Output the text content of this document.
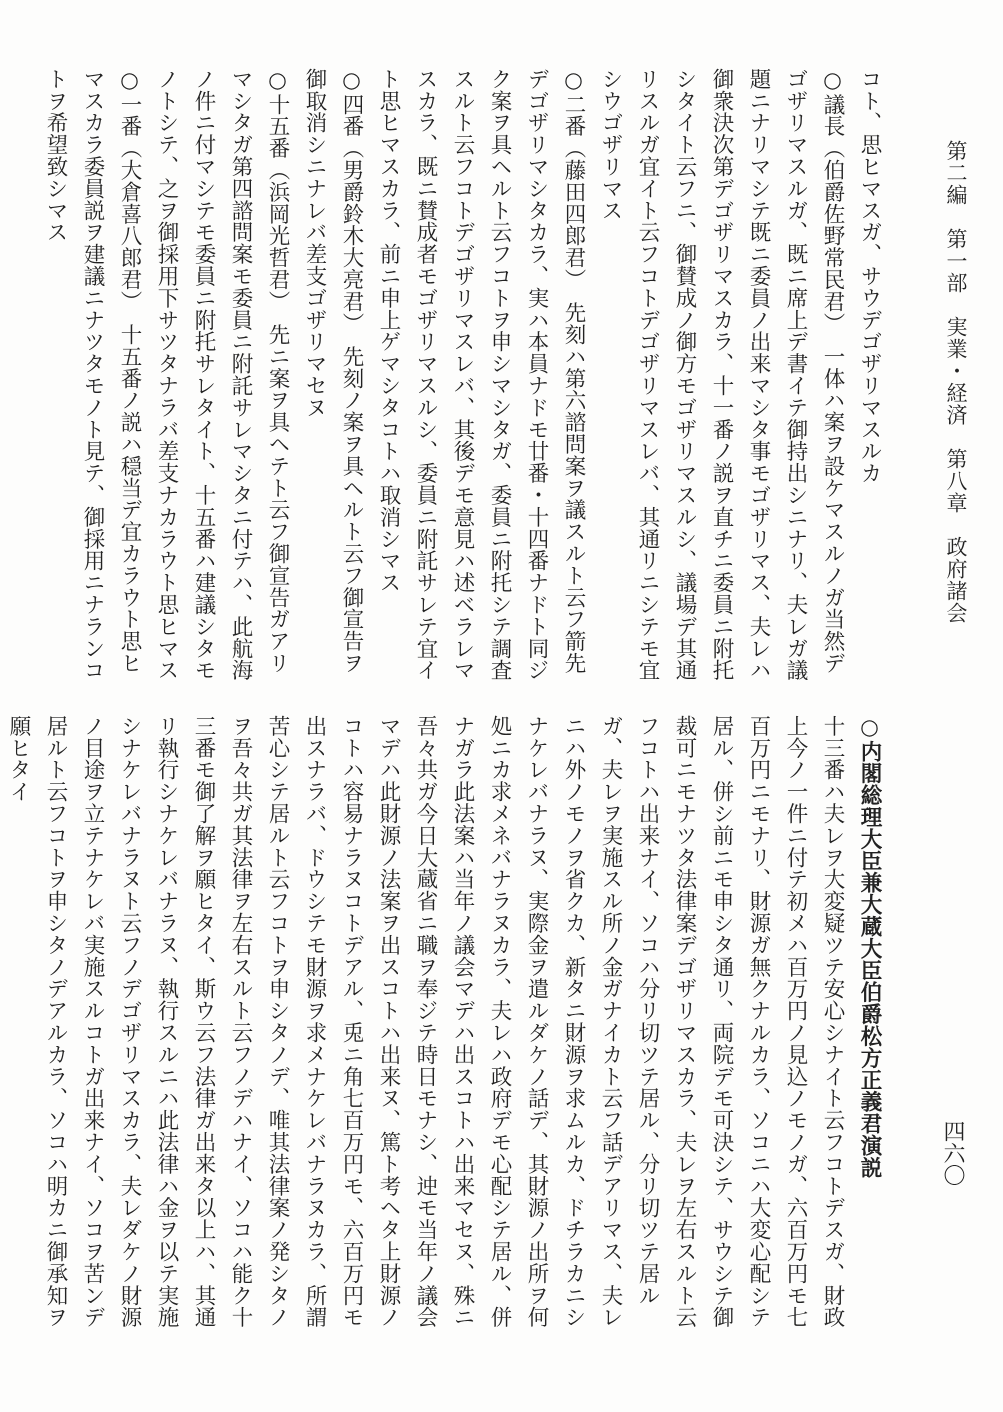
第二編　第一部　実業・経済　第八章　政府諸会
四六〇

コト、思ヒマスガ、サウデゴザリマスルカ

○議長（伯爵佐野常民君）　一体ハ案ヲ設ケマスルノガ当然デゴザリマスルガ、既ニ席上デ書イテ御持出シニナリ、夫レガ議題ニナリマシテ既ニ委員ノ出来マシタ事モゴザリマス、夫レハ御衆決次第デゴザリマスカラ、十一番ノ説ヲ直チニ委員ニ附托シタイト云フニ、御賛成ノ御方モゴザリマスルシ、議場デ其通リスルガ宜イト云フコトデゴザリマスレバ、其通リニシテモ宜シウゴザリマス

○二番（藤田四郎君）　先刻ハ第六諮問案ヲ議スルト云フ箭先デゴザリマシタカラ、実ハ本員ナドモ廿番・十四番ナドト同ジク案ヲ具ヘルト云フコトヲ申シマシタガ、委員ニ附托シテ調査スルト云フコトデゴザリマスレバ、其後デモ意見ハ述ベラレマスカラ、既ニ賛成者モゴザリマスルシ、委員ニ附託サレテ宜イト思ヒマスカラ、前ニ申上ゲマシタコトハ取消シマス

○四番（男爵鈴木大亮君）　先刻ノ案ヲ具ヘルト云フ御宣告ヲ御取消シニナレバ差支ゴザリマセヌ

○十五番（浜岡光哲君）　先ニ案ヲ具ヘテト云フ御宣告ガアリマシタガ第四諮問案モ委員ニ附託サレマシタニ付テハ、此航海ノ件ニ付マシテモ委員ニ附托サレタイト、十五番ハ建議シタモノトシテ、之ヲ御採用下サツタナラバ差支ナカラウト思ヒマス

○一番（大倉喜八郎君）　十五番ノ説ハ穏当デ宜カラウト思ヒマスカラ委員説ヲ建議ニナツタモノト見テ、御採用ニナランコトヲ希望致シマス

○内閣総理大臣兼大蔵大臣伯爵松方正義君演説

十三番ハ夫レヲ大変疑ツテ安心シナイト云フコトデスガ、財政上今ノ一件ニ付テ初メハ百万円ノ見込ノモノガ、六百万円モ七百万円ニモナリ、財源ガ無クナルカラ、ソコニハ大変心配シテ居ル、併シ前ニモ申シタ通リ、両院デモ可決シテ、サウシテ御裁可ニモナツタ法律案デゴザリマスカラ、夫レヲ左右スルト云フコトハ出来ナイ、ソコハ分リ切ツテ居ル、分リ切ツテ居ルガ、夫レヲ実施スル所ノ金ガナイカト云フ話デアリマス、夫レニハ外ノモノヲ省クカ、新タニ財源ヲ求ムルカ、ドチラカニシナケレバナラヌ、実際金ヲ遣ルダケノ話デ、其財源ノ出所ヲ何処ニカ求メネバナラヌカラ、夫レハ政府デモ心配シテ居ル、併ナガラ此法案ハ当年ノ議会マデハ出スコトハ出来マセヌ、殊ニ吾々共ガ今日大蔵省ニ職ヲ奉ジテ時日モナシ、迚モ当年ノ議会マデハ此財源ノ法案ヲ出スコトハ出来ヌ、篤ト考ヘタ上財源ノコトハ容易ナラヌコトデアル、兎ニ角七百万円モ、六百万円モ出スナラバ、ドウシテモ財源ヲ求メナケレバナラヌカラ、所謂苦心シテ居ルト云フコトヲ申シタノデ、唯其法律案ノ発シタノヲ吾々共ガ其法律ヲ左右スルト云フノデハナイ、ソコハ能ク十三番モ御了解ヲ願ヒタイ、斯ウ云フ法律ガ出来タ以上ハ、其通リ執行シナケレバナラヌ、執行スルニハ此法律ハ金ヲ以テ実施シナケレバナラヌト云フノデゴザリマスカラ、夫レダケノ財源ノ目途ヲ立テナケレバ実施スルコトガ出来ナイ、ソコヲ苦ンデ居ルト云フコトヲ申シタノデアルカラ、ソコハ明カニ御承知ヲ願ヒタイ
